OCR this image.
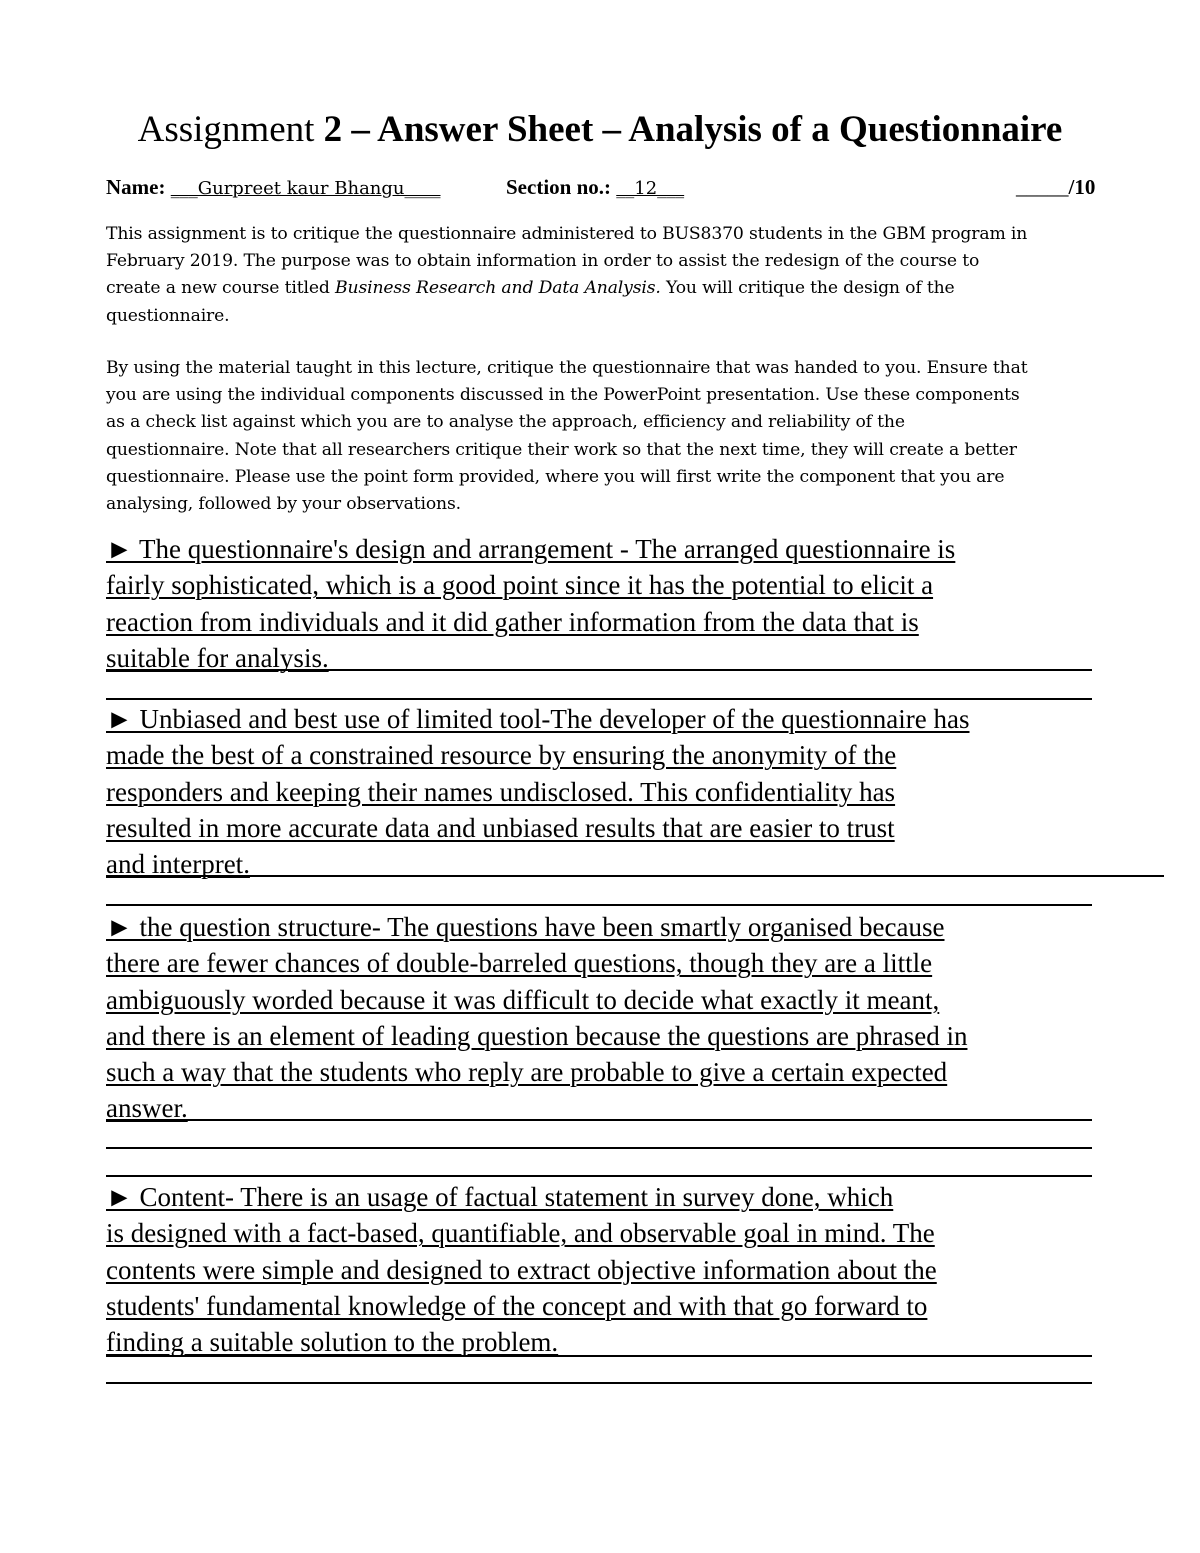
Assignment 2 – Answer Sheet – Analysis of a Questionnaire
Name: ___Gurpreet kaur Bhangu____	Section no.: __12___	_____/10
This assignment is to critique the questionnaire administered to BUS8370 students in the GBM program in
February 2019. The purpose was to obtain information in order to assist the redesign of the course to
create a new course titled Business Research and Data Analysis. You will critique the design of the
questionnaire.
By using the material taught in this lecture, critique the questionnaire that was handed to you. Ensure that
you are using the individual components discussed in the PowerPoint presentation. Use these components
as a check list against which you are to analyse the approach, efficiency and reliability of the
questionnaire. Note that all researchers critique their work so that the next time, they will create a better
questionnaire. Please use the point form provided, where you will first write the component that you are
analysing, followed by your observations.
► The questionnaire's design and arrangement - The arranged questionnaire is
fairly sophisticated, which is a good point since it has the potential to elicit a
reaction from individuals and it did gather information from the data that is
suitable for analysis.
► Unbiased and best use of limited tool-The developer of the questionnaire has
made the best of a constrained resource by ensuring the anonymity of the
responders and keeping their names undisclosed. This confidentiality has
resulted in more accurate data and unbiased results that are easier to trust
and interpret.
► the question structure- The questions have been smartly organised because
there are fewer chances of double-barreled questions, though they are a little
ambiguously worded because it was difficult to decide what exactly it meant,
and there is an element of leading question because the questions are phrased in
such a way that the students who reply are probable to give a certain expected
answer.
► Content- There is an usage of factual statement in survey done, which
is designed with a fact-based, quantifiable, and observable goal in mind. The
contents were simple and designed to extract objective information about the
students' fundamental knowledge of the concept and with that go forward to
finding a suitable solution to the problem.
